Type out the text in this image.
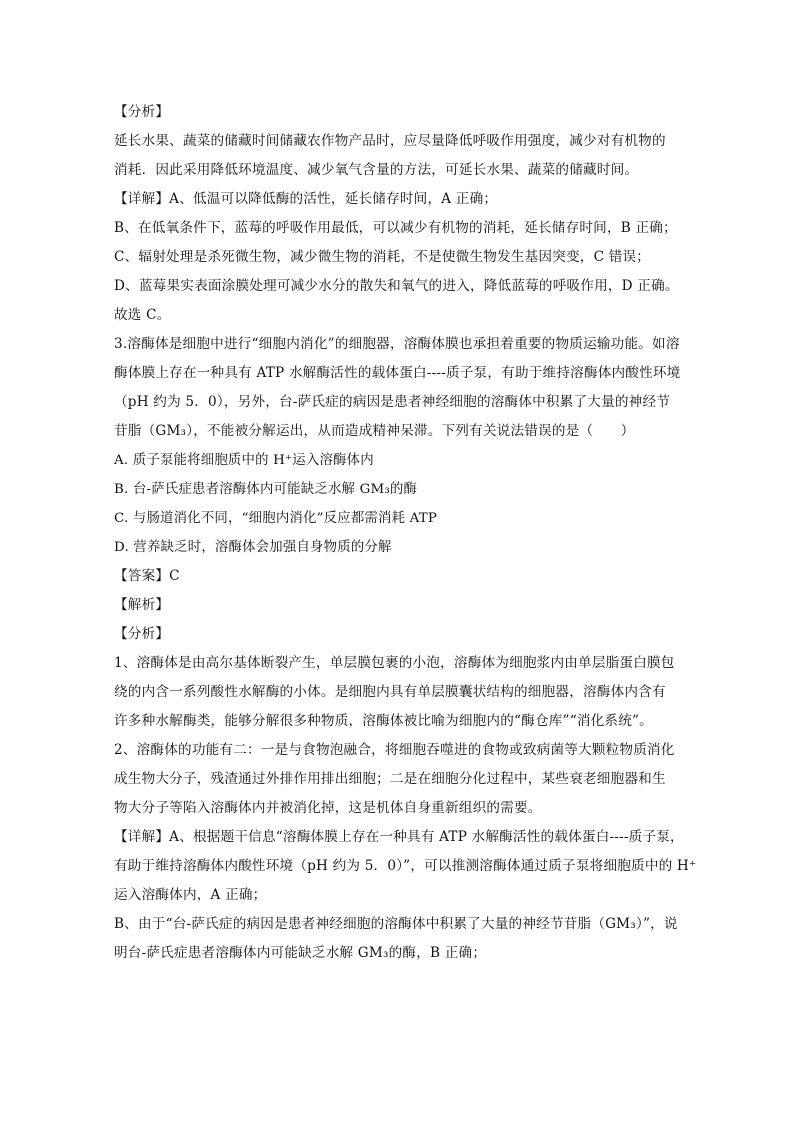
【分析】
延长水果、蔬菜的储藏时间储藏农作物产品时，应尽量降低呼吸作用强度，减少对有机物的
消耗．因此采用降低环境温度、减少氧气含量的方法，可延长水果、蔬菜的储藏时间。
【详解】A、低温可以降低酶的活性，延长储存时间，A 正确；
B、在低氧条件下，蓝莓的呼吸作用最低，可以减少有机物的消耗，延长储存时间，B 正确；
C、辐射处理是杀死微生物，减少微生物的消耗，不是使微生物发生基因突变，C 错误；
D、蓝莓果实表面涂膜处理可减少水分的散失和氧气的进入，降低蓝莓的呼吸作用，D 正确。
故选 C。
3.溶酶体是细胞中进行“细胞内消化”的细胞器，溶酶体膜也承担着重要的物质运输功能。如溶
酶体膜上存在一种具有 ATP 水解酶活性的载体蛋白----质子泵，有助于维持溶酶体内酸性环境
（pH 约为 5．0），另外，台-萨氏症的病因是患者神经细胞的溶酶体中积累了大量的神经节
苷脂（GM₃），不能被分解运出，从而造成精神呆滞。下列有关说法错误的是（　　）
A. 质子泵能将细胞质中的 H⁺运入溶酶体内
B. 台-萨氏症患者溶酶体内可能缺乏水解 GM₃的酶
C. 与肠道消化不同，“细胞内消化”反应都需消耗 ATP
D. 营养缺乏时，溶酶体会加强自身物质的分解
【答案】C
【解析】
【分析】
1、溶酶体是由高尔基体断裂产生，单层膜包裹的小泡，溶酶体为细胞浆内由单层脂蛋白膜包
绕的内含一系列酸性水解酶的小体。是细胞内具有单层膜囊状结构的细胞器，溶酶体内含有
许多种水解酶类，能够分解很多种物质，溶酶体被比喻为细胞内的“酶仓库”“消化系统”。
2、溶酶体的功能有二：一是与食物泡融合，将细胞吞噬进的食物或致病菌等大颗粒物质消化
成生物大分子，残渣通过外排作用排出细胞；二是在细胞分化过程中，某些衰老细胞器和生
物大分子等陷入溶酶体内并被消化掉，这是机体自身重新组织的需要。
【详解】A、根据题干信息“溶酶体膜上存在一种具有 ATP 水解酶活性的载体蛋白----质子泵，
有助于维持溶酶体内酸性环境（pH 约为 5．0）”，可以推测溶酶体通过质子泵将细胞质中的 H⁺
运入溶酶体内，A 正确；
B、由于“台-萨氏症的病因是患者神经细胞的溶酶体中积累了大量的神经节苷脂（GM₃）”，说
明台-萨氏症患者溶酶体内可能缺乏水解 GM₃的酶，B 正确；
